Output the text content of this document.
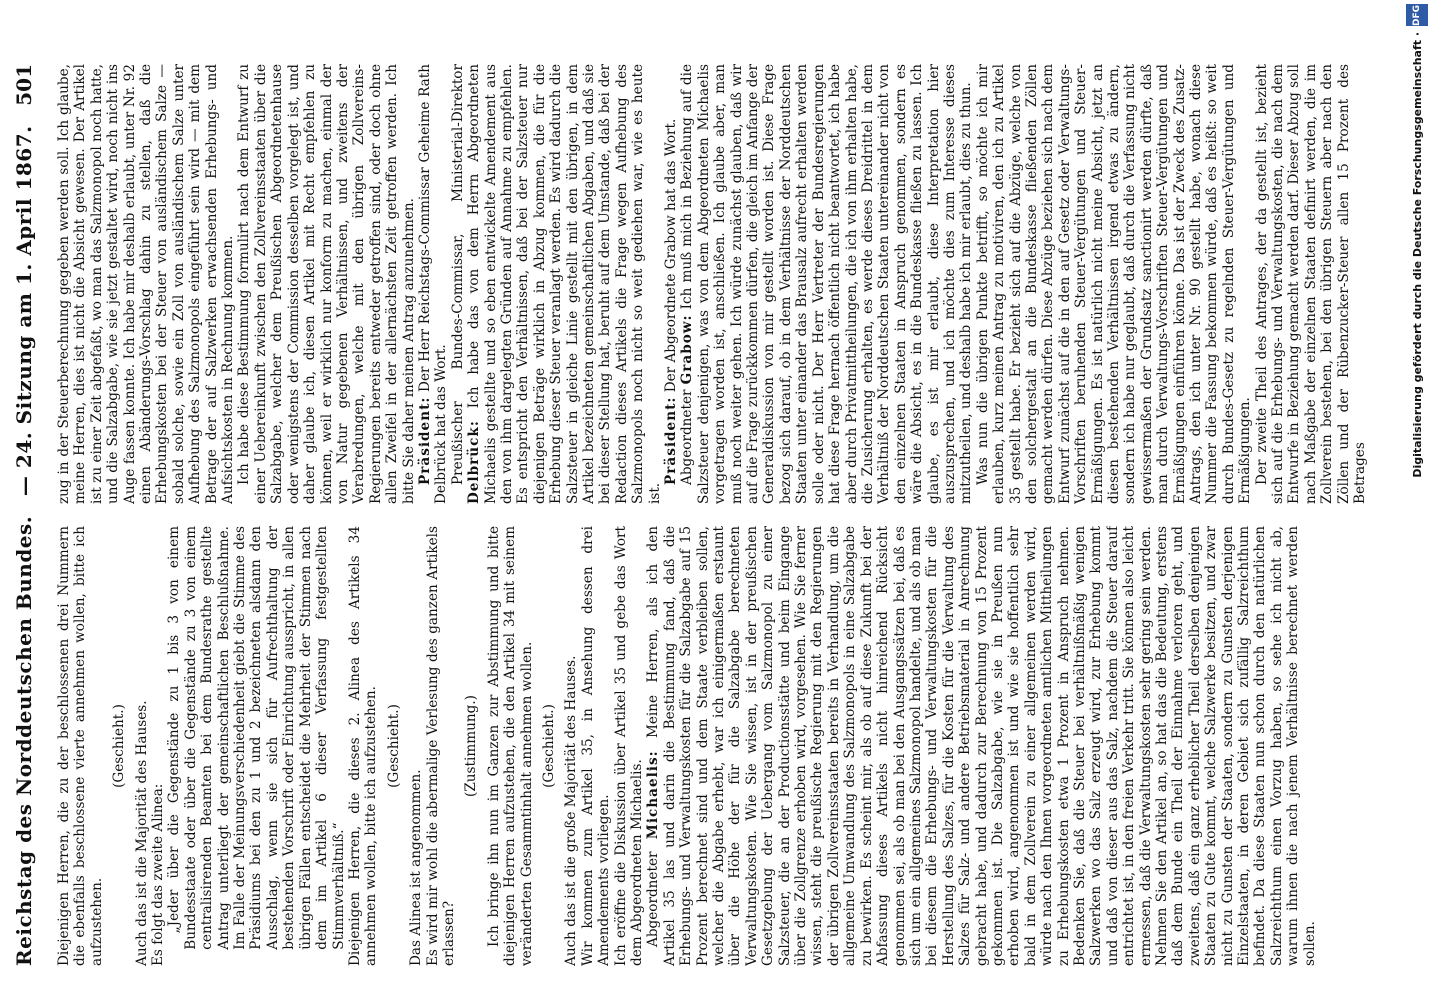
Reichstag des Norddeutschen Bundes.
— 24. Sitzung am 1. April 1867.
501

Diejenigen Herren, die zu der beschlossenen drei Nummern die ebenfalls beschlossene vierte annehmen wollen, bitte ich aufzustehen.

(Geschieht.) Auch das ist die Majorität des Hauses. Es folgt das zweite Alinea: „Jeder über die Gegenstände zu 1 bis 3 von einem Bundesstaate oder über die Gegenstände zu 3 von einem centralisirenden Beamten bei dem Bundesrathe gestellte Antrag unterliegt der gemeinschaftlichen Beschlußnahme. Im Falle der Meinungsverschiedenheit giebt die Stimme des Präsidiums bei den zu 1 und 2 bezeichneten alsdann den Ausschlag, wenn sie sich für Aufrechthaltung der bestehenden Vorschrift oder Einrichtung ausspricht, in allen übrigen Fällen entscheidet die Mehrheit der Stimmen nach dem im Artikel 6 dieser Verfassung festgestellten Stimmverhältniß.“ Diejenigen Herren, die dieses 2. Alinea des Artikels 34 annehmen wollen, bitte ich aufzustehen. (Geschieht.)

Das Alinea ist angenommen. Es wird mir wohl die abermalige Verlesung des ganzen Artikels erlassen?

(Zustimmung.) Ich bringe ihn nun im Ganzen zur Abstimmung und bitte diejenigen Herren aufzustehen, die den Artikel 34 mit seinem veränderten Gesammtinhalt annehmen wollen. (Geschieht.) Auch das ist die große Majorität des Hauses. Wir kommen zum Artikel 35, in Ansehung dessen drei Amendements vorliegen. Ich eröffne die Diskussion über Artikel 35 und gebe das Wort dem Abgeordneten Michaelis. Abgeordneter Michaelis: Meine Herren, als ich den Artikel 35 las und darin die Bestimmung fand, daß die Erhebungs- und Verwaltungskosten für die Salzabgabe auf 15 Prozent berechnet sind und dem Staate verbleiben sollen, welcher die Abgabe erhebt, war ich einigermaßen erstaunt über die Höhe der für die Salzabgabe berechneten Verwaltungskosten. Wie Sie wissen, ist in der preußischen Gesetzgebung der Uebergang vom Salzmonopol zu einer Salzsteuer, die an der Productionsstätte und beim Eingange über die Zollgrenze erhoben wird, vorgesehen. Wie Sie ferner wissen, steht die preußische Regierung mit den Regierungen der übrigen Zollvereinsstaaten bereits in Verhandlung, um die allgemeine Umwandlung des Salzmonopols in eine Salzabgabe zu bewirken. Es scheint mir, als ob auf diese Zukunft bei der Abfassung dieses Artikels nicht hinreichend Rücksicht genommen sei, als ob man bei den Ausgangssätzen bei, daß es sich um ein allgemeines Salzmonopol handelte, und als ob man bei diesem die Erhebungs- und Verwaltungskosten für die Herstellung des Salzes, für die Kosten für die Verwaltung des Salzes für Salz- und andere Betriebsmaterial in Anrechnung gebracht habe, und dadurch zur Berechnung von 15 Prozent gekommen ist. Die Salzabgabe, wie sie in Preußen nun erhoben wird, angenommen ist und wie sie hoffentlich sehr bald in dem Zollverein zu einer allgemeinen werden wird, würde nach den Ihnen vorgeordneten amtlichen Mittheilungen zu Erhebungskosten etwa 1 Prozent in Anspruch nehmen. Bedenken Sie, daß die Steuer bei verhältnißmäßig wenigen Salzwerken wo das Salz erzeugt wird, zur Erhebung kommt und daß von dieser aus das Salz, nachdem die Steuer darauf entrichtet ist, in den freien Verkehr tritt. Sie können also leicht ermessen, daß die Verwaltungskosten sehr gering sein werden. Nehmen Sie den Artikel an, so hat das die Bedeutung, erstens daß dem Bunde ein Theil der Einnahme verloren geht, und zweitens, daß ein ganz erheblicher Theil derselben denjenigen Staaten zu Gute kommt, welche Salzwerke besitzen, und zwar nicht zu Gunsten der Staaten, sondern zu Gunsten derjenigen Einzelstaaten, in deren Gebiet sich zufällig Salzreichthum befindet. Da diese Staaten nun schon durch den natürlichen Salzreichthum einen Vorzug haben, so sehe ich nicht ab, warum ihnen die nach jenem Verhältnisse berechnet werden sollen.

zug in der Steuerberechnung gegeben werden soll. Ich glaube, meine Herren, dies ist nicht die Absicht gewesen. Der Artikel ist zu einer Zeit abgefaßt, wo man das Salzmonopol noch hatte, und die Salzabgabe, wie sie jetzt gestaltet wird, noch nicht ins Auge fassen konnte. Ich habe mir deshalb erlaubt, unter Nr. 92 einen Abänderungs-Vorschlag dahin zu stellen, daß die Erhebungskosten bei der Steuer von ausländischem Salze — sobald solche, sowie ein Zoll von ausländischem Salze unter Aufhebung des Salzmonopols eingeführt sein wird — mit dem Betrage der auf Salzwerken erwachsenden Erhebungs- und Aufsichtskosten in Rechnung kommen. Ich habe diese Bestimmung formulirt nach dem Entwurf zu einer Uebereinkunft zwischen den Zollvereinsstaaten über die Salzabgabe, welcher dem Preußischen Abgeordnetenhause oder wenigstens der Commission desselben vorgelegt ist, und daher glaube ich, diesen Artikel mit Recht empfehlen zu können, weil er wirklich nur konform zu machen, einmal der von Natur gegebenen Verhältnissen, und zweitens der Verabredungen, welche mit den übrigen Zollvereins-Regierungen bereits entweder getroffen sind, oder doch ohne allen Zweifel in der allernächsten Zeit getroffen werden. Ich bitte Sie daher meinen Antrag anzunehmen. Präsident: Der Herr Reichstags-Commissar Geheime Rath Delbrück hat das Wort. Preußischer Bundes-Commissar, Ministerial-Direktor Delbrück: Ich habe das von dem Herrn Abgeordneten Michaelis gestellte und so eben entwickelte Amendement aus den von ihm dargelegten Gründen auf Annahme zu empfehlen. Es entspricht den Verhältnissen, daß bei der Salzsteuer nur diejenigen Beträge wirklich in Abzug kommen, die für die Erhebung dieser Steuer veranlagt werden. Es wird dadurch die Salzsteuer in gleiche Linie gestellt mit den übrigen, in dem Artikel bezeichneten gemeinschaftlichen Abgaben, und daß sie bei dieser Stellung hat, beruht auf dem Umstande, daß bei der Redaction dieses Artikels die Frage wegen Aufhebung des Salzmonopols noch nicht so weit gediehen war, wie es heute ist.

Präsident: Der Abgeordnete Grabow hat das Wort.

Abgeordneter Grabow: Ich muß mich in Beziehung auf die Salzsteuer denjenigen, was von dem Abgeordneten Michaelis vorgetragen worden ist, anschließen. Ich glaube aber, man muß noch weiter gehen. Ich würde zunächst glauben, daß wir auf die Frage zurückkommen dürfen, die gleich im Anfange der Generaldiskussion von mir gestellt worden ist. Diese Frage bezog sich darauf, ob in dem Verhältnisse der Norddeutschen Staaten unter einander das Brausalz aufrecht erhalten werden solle oder nicht. Der Herr Vertreter der Bundesregierungen hat diese Frage hernach öffentlich nicht beantwortet, ich habe aber durch Privatmittheilungen, die ich von ihm erhalten habe, die Zusicherung erhalten, es werde dieses Dreidrittel in dem Verhältniß der Norddeutschen Staaten untereinander nicht von den einzelnen Staaten in Anspruch genommen, sondern es wäre die Absicht, es in die Bundeskasse fließen zu lassen. Ich glaube, es ist mir erlaubt, diese Interpretation hier auszusprechen, und ich möchte dies zum Interesse dieses mitzutheilen, und deshalb habe ich mir erlaubt, dies zu thun. Was nun die übrigen Punkte betrifft, so möchte ich mir erlauben, kurz meinen Antrag zu motiviren, den ich zu Artikel 35 gestellt habe. Er bezieht sich auf die Abzüge, welche von den solchergestalt an die Bundeskasse fließenden Zöllen gemacht werden dürfen. Diese Abzüge beziehen sich nach dem Entwurf zunächst auf die in den auf Gesetz oder Verwaltungs-Vorschriften beruhenden Steuer-Vergütungen und Steuer-Ermäßigungen. Es ist natürlich nicht meine Absicht, jetzt an diesen bestehenden Verhältnissen irgend etwas zu ändern, sondern ich habe nur geglaubt, daß durch die Verfassung nicht gewissermaßen der Grundsatz sanctionirt werden dürfte, daß man durch Verwaltungs-Vorschriften Steuer-Vergütungen und Ermäßigungen einführen könne. Das ist der Zweck des Zusatz-Antrags, den ich unter Nr. 90 gestellt habe, wonach diese Nummer die Fassung bekommen würde, daß es heißt: so weit durch Bundes-Gesetz zu regelnden Steuer-Vergütungen und Ermäßigungen. Der zweite Theil des Antrages, der da gestellt ist, bezieht sich auf die Erhebungs- und Verwaltungskosten, die nach dem Entwurfe in Beziehung gemacht werden darf. Dieser Abzug soll nach Maßgabe der einzelnen Staaten definirt werden, die im Zollverein bestehen, bei den übrigen Steuern aber nach den Zöllen und der Rübenzucker-Steuer allen 15 Prozent des Betrages

DFG
Digitalisierung gefördert durch die Deutsche Forschungsgemeinschaft ·
